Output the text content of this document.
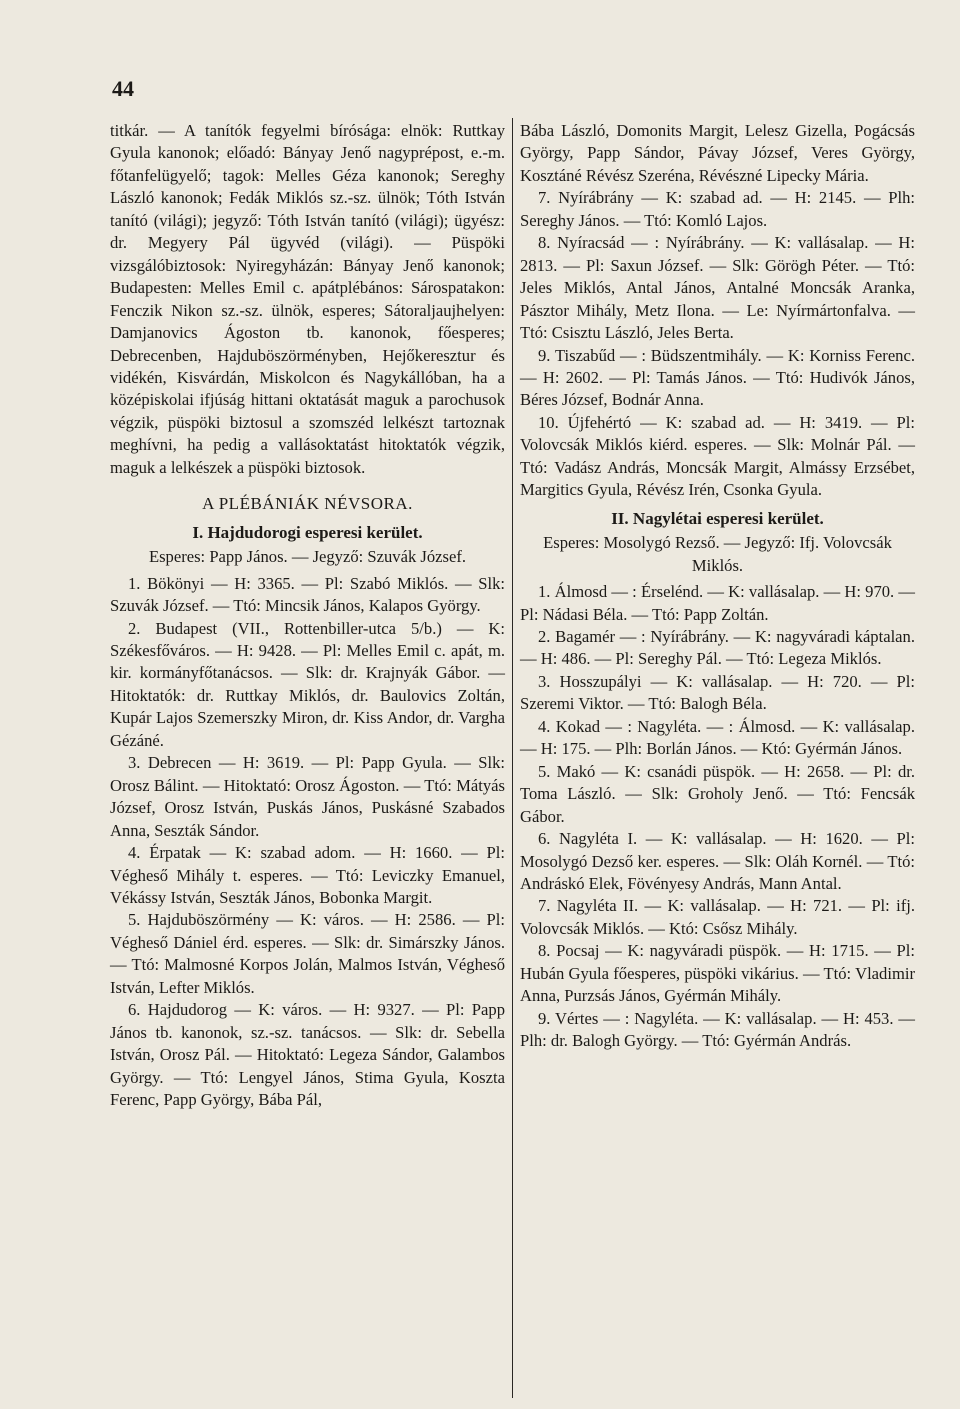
44

titkár. — A tanítók fegyelmi bírósága: elnök: Ruttkay Gyula kanonok; előadó: Bányay Jenő nagyprépost, e.-m. főtanfelügyelő; tagok: Melles Géza kanonok; Sereghy László kanonok; Fedák Miklós sz.-sz. ülnök; Tóth István tanító (világi); jegyző: Tóth István tanító (világi); ügyész: dr. Megyery Pál ügyvéd (világi). — Püspöki vizsgálóbiztosok: Nyiregyházán: Bányay Jenő kanonok; Budapesten: Melles Emil c. apátplébános: Sárospatakon: Fenczik Nikon sz.-sz. ülnök, esperes; Sátoraljaujhelyen: Damjanovics Ágoston tb. kanonok, főesperes; Debrecenben, Hajduböszörményben, Hejőkeresztur és vidékén, Kisvárdán, Miskolcon és Nagykállóban, ha a középiskolai ifjúság hittani oktatását maguk a parochusok végzik, püspöki biztosul a szomszéd lelkészt tartoznak meghívni, ha pedig a vallásoktatást hitoktatók végzik, maguk a lelkészek a püspöki biztosok.

A PLÉBÁNIÁK NÉVSORA.

I. Hajdudorogi esperesi kerület.

Esperes: Papp János. — Jegyző: Szuvák József.

1. Bökönyi — H: 3365. — Pl: Szabó Miklós. — Slk: Szuvák József. — Ttó: Mincsik János, Kalapos György.

2. Budapest (VII., Rottenbiller-utca 5/b.) — K: Székesfőváros. — H: 9428. — Pl: Melles Emil c. apát, m. kir. kormányfőtanácsos. — Slk: dr. Krajnyák Gábor. — Hitoktatók: dr. Ruttkay Miklós, dr. Baulovics Zoltán, Kupár Lajos Szemerszky Miron, dr. Kiss Andor, dr. Vargha Gézáné.

3. Debrecen — H: 3619. — Pl: Papp Gyula. — Slk: Orosz Bálint. — Hitoktató: Orosz Ágoston. — Ttó: Mátyás József, Orosz István, Puskás János, Puskásné Szabados Anna, Seszták Sándor.

4. Érpatak — K: szabad adom. — H: 1660. — Pl: Végheső Mihály t. esperes. — Ttó: Leviczky Emanuel, Vékássy István, Seszták János, Bobonka Margit.

5. Hajduböszörmény — K: város. — H: 2586. — Pl: Végheső Dániel érd. esperes. — Slk: dr. Simárszky János. — Ttó: Malmosné Korpos Jolán, Malmos István, Végheső István, Lefter Miklós.

6. Hajdudorog — K: város. — H: 9327. — Pl: Papp János tb. kanonok, sz.-sz. tanácsos. — Slk: dr. Sebella István, Orosz Pál. — Hitoktató: Legeza Sándor, Galambos György. — Ttó: Lengyel János, Stima Gyula, Koszta Ferenc, Papp György, Bába Pál,

Bába László, Domonits Margit, Lelesz Gizella, Pogácsás György, Papp Sándor, Pávay József, Veres György, Kosztáné Révész Szeréna, Révészné Lipecky Mária.

7. Nyírábrány — K: szabad ad. — H: 2145. — Plh: Sereghy János. — Ttó: Komló Lajos.

8. Nyíracsád — : Nyírábrány. — K: vallásalap. — H: 2813. — Pl: Saxun József. — Slk: Görögh Péter. — Ttó: Jeles Miklós, Antal János, Antalné Moncsák Aranka, Pásztor Mihály, Metz Ilona. — Le: Nyírmártonfalva. — Ttó: Csisztu László, Jeles Berta.

9. Tiszabűd — : Büdszentmihály. — K: Korniss Ferenc. — H: 2602. — Pl: Tamás János. — Ttó: Hudivók János, Béres József, Bodnár Anna.

10. Újfehértó — K: szabad ad. — H: 3419. — Pl: Volovcsák Miklós kiérd. esperes. — Slk: Molnár Pál. — Ttó: Vadász András, Moncsák Margit, Almássy Erzsébet, Margitics Gyula, Révész Irén, Csonka Gyula.

II. Nagylétai esperesi kerület.

Esperes: Mosolygó Rezső. — Jegyző: Ifj. Volovcsák Miklós.

1. Álmosd — : Érselénd. — K: vallásalap. — H: 970. — Pl: Nádasi Béla. — Ttó: Papp Zoltán.

2. Bagamér — : Nyírábrány. — K: nagyváradi káptalan. — H: 486. — Pl: Sereghy Pál. — Ttó: Legeza Miklós.

3. Hosszupályi — K: vallásalap. — H: 720. — Pl: Szeremi Viktor. — Ttó: Balogh Béla.

4. Kokad — : Nagyléta. — : Álmosd. — K: vallásalap. — H: 175. — Plh: Borlán János. — Któ: Gyérmán János.

5. Makó — K: csanádi püspök. — H: 2658. — Pl: dr. Toma László. — Slk: Groholy Jenő. — Ttó: Fencsák Gábor.

6. Nagyléta I. — K: vallásalap. — H: 1620. — Pl: Mosolygó Dezső ker. esperes. — Slk: Oláh Kornél. — Ttó: Andráskó Elek, Fövényesy András, Mann Antal.

7. Nagyléta II. — K: vallásalap. — H: 721. — Pl: ifj. Volovcsák Miklós. — Któ: Csősz Mihály.

8. Pocsaj — K: nagyváradi püspök. — H: 1715. — Pl: Hubán Gyula főesperes, püspöki vikárius. — Ttó: Vladimir Anna, Purzsás János, Gyérmán Mihály.

9. Vértes — : Nagyléta. — K: vallásalap. — H: 453. — Plh: dr. Balogh György. — Ttó: Gyérmán András.
